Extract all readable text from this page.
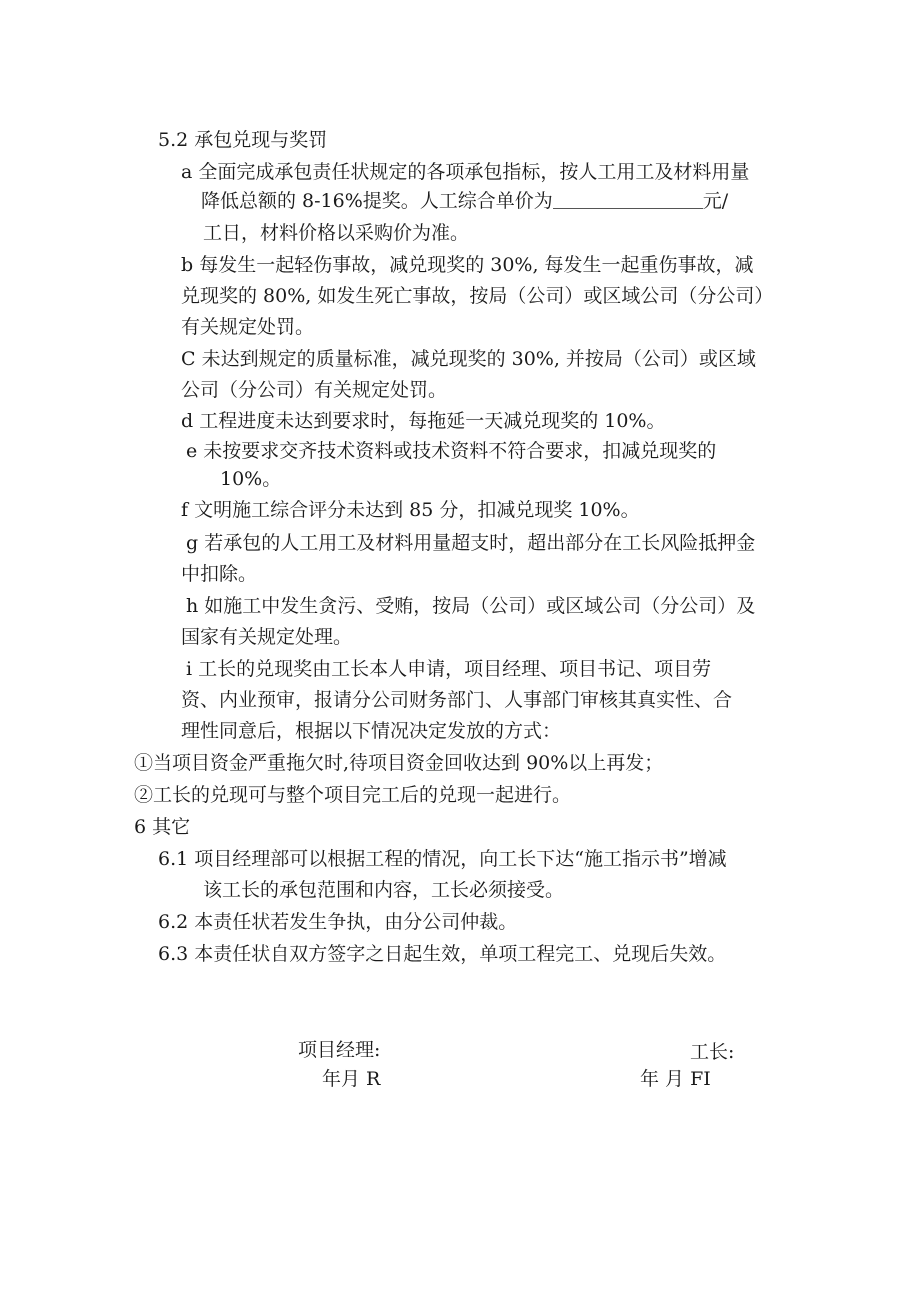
5.2 承包兑现与奖罚
a 全面完成承包责任状规定的各项承包指标，按人工用工及材料用量
降低总额的 8-16%提奖。人工综合单价为	元/
工日，材料价格以采购价为准。
b 每发生一起轻伤事故，减兑现奖的 30%, 每发生一起重伤事故，减
兑现奖的 80%, 如发生死亡事故，按局（公司）或区域公司（分公司）
有关规定处罚。
C 未达到规定的质量标准，减兑现奖的 30%, 并按局（公司）或区域
公司（分公司）有关规定处罚。
d 工程进度未达到要求时，每拖延一天减兑现奖的 10%。
e 未按要求交齐技术资料或技术资料不符合要求，扣减兑现奖的
10%。
f 文明施工综合评分未达到 85 分，扣减兑现奖 10%。
g 若承包的人工用工及材料用量超支时，超出部分在工长风险抵押金
中扣除。
h 如施工中发生贪污、受贿，按局（公司）或区域公司（分公司）及
国家有关规定处理。
i 工长的兑现奖由工长本人申请，项目经理、项目书记、项目劳
资、内业预审，报请分公司财务部门、人事部门审核其真实性、合
理性同意后，根据以下情况决定发放的方式：
①当项目资金严重拖欠时,待项目资金回收达到 90%以上再发；
②工长的兑现可与整个项目完工后的兑现一起进行。
6 其它
6.1 项目经理部可以根据工程的情况，向工长下达“施工指示书”增减
该工长的承包范围和内容，工长必须接受。
6.2 本责任状若发生争执，由分公司仲裁。
6.3 本责任状自双方签字之日起生效，单项工程完工、兑现后失效。
项目经理:
年月 R
工长:
年 月 FI
